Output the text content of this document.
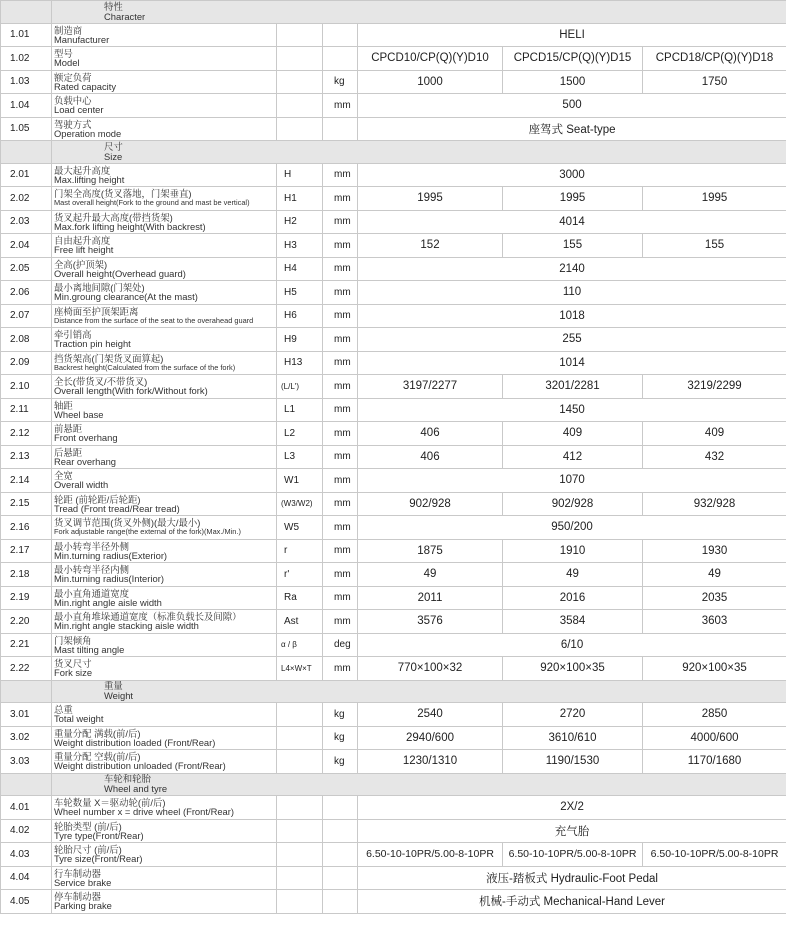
	特性
Character					

1.01	制造商
Manufacturer			HELI		
1.02	型号
Model			CPCD10/CP(Q)(Y)D10	CPCD15/CP(Q)(Y)D15	CPCD18/CP(Q)(Y)D18
1.03	额定负荷
Rated capacity		kg	1000	1500	1750
1.04	负载中心
Load center		mm	500		
1.05	驾驶方式
Operation mode			座驾式 Seat-type		

	尺寸
Size					

2.01	最大起升高度
Max.lifting height	H	mm	3000		
2.02	门架全高度(货叉落地，门架垂直)
Mast overall height(Fork to the ground and mast be vertical)	H1	mm	1995	1995	1995
2.03	货叉起升最大高度(带挡货架)
Max.fork lifting height(With backrest)	H2	mm	4014		
2.04	自由起升高度
Free lift height	H3	mm	152	155	155
2.05	全高(护顶架)
Overall height(Overhead guard)	H4	mm	2140		
2.06	最小离地间隙(门架处)
Min.groung clearance(At the mast)	H5	mm	110		
2.07	座椅面至护顶架距离
Distance from the surface of the seat to the overahead guard	H6	mm	1018		
2.08	牵引销高
Traction pin height	H9	mm	255		
2.09	挡货架高(门架货叉面算起)
Backrest height(Calculated from the surface of the fork)	H13	mm	1014		
2.10	全长(带货叉/不带货叉)
Overall length(With fork/Without fork)	(L/L')	mm	3197/2277	3201/2281	3219/2299
2.11	轴距
Wheel base	L1	mm	1450		
2.12	前悬距
Front overhang	L2	mm	406	409	409
2.13	后悬距
Rear overhang	L3	mm	406	412	432
2.14	全宽
Overall width	W1	mm	1070		
2.15	轮距 (前轮距/后轮距)
Tread (Front tread/Rear tread)	(W3/W2)	mm	902/928	902/928	932/928
2.16	货叉调节范围(货叉外侧)(最大/最小)
Fork adjustable range(the external of the fork)(Max./Min.)	W5	mm	950/200		
2.17	最小转弯半径外侧
Min.turning radius(Exterior)	r	mm	1875	1910	1930
2.18	最小转弯半径内侧
Min.turning radius(Interior)	r'	mm	49	49	49
2.19	最小直角通道宽度
Min.right angle aisle width	Ra	mm	2011	2016	2035
2.20	最小直角堆垛通道宽度（标准负载长及间隙）
Min.right angle stacking aisle width	Ast	mm	3576	3584	3603
2.21	门架倾角
Mast tilting angle	α / β	deg	6/10		
2.22	货叉尺寸
Fork size	L4×W×T	mm	770×100×32	920×100×35	920×100×35

	重量
Weight					

3.01	总重
Total weight		kg	2540	2720	2850
3.02	重量分配 满载(前/后)
Weight distribution loaded (Front/Rear)		kg	2940/600	3610/610	4000/600
3.03	重量分配 空载(前/后)
Weight distribution unloaded (Front/Rear)		kg	1230/1310	1190/1530	1170/1680

	车轮和轮胎
Wheel and tyre					

4.01	车轮数量 X＝驱动轮(前/后)
Wheel number x = drive wheel (Front/Rear)			2X/2		
4.02	轮胎类型 (前/后)
Tyre type(Front/Rear)			充气胎		
4.03	轮胎尺寸 (前/后)
Tyre size(Front/Rear)			6.50-10-10PR/5.00-8-10PR	6.50-10-10PR/5.00-8-10PR	6.50-10-10PR/5.00-8-10PR
4.04	行车制动器
Service brake			液压-踏板式 Hydraulic-Foot Pedal		
4.05	停车制动器
Parking brake			机械-手动式 Mechanical-Hand Lever		
